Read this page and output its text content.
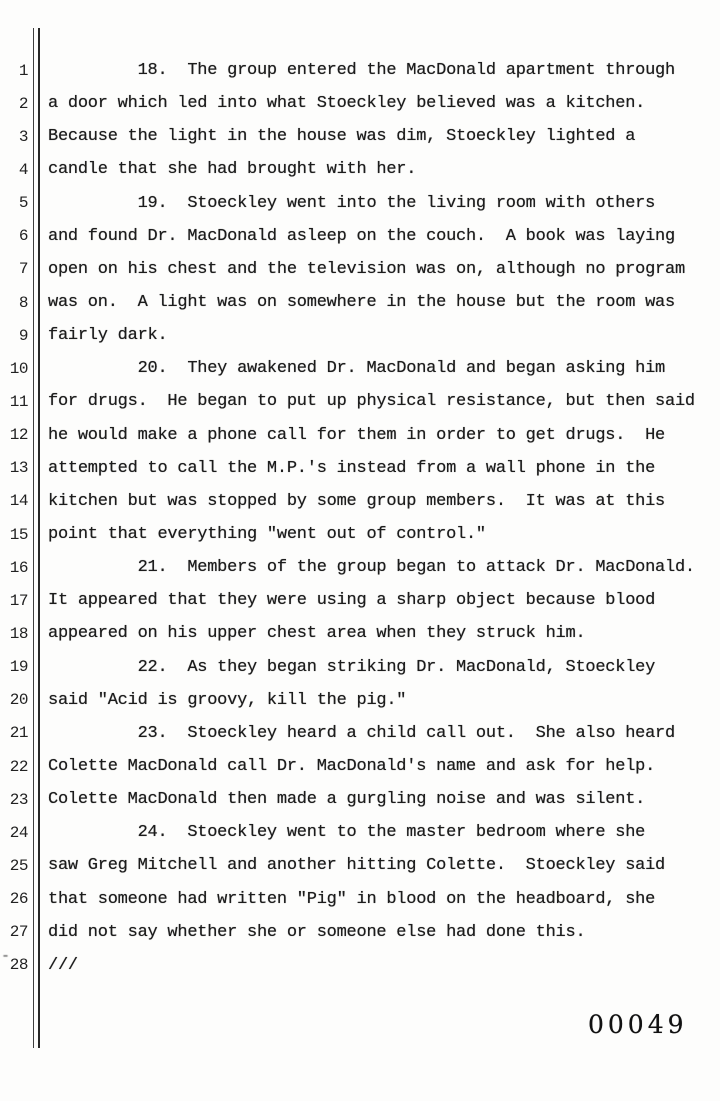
1 18.  The group entered the MacDonald apartment through
2 a door which led into what Stoeckley believed was a kitchen.
3 Because the light in the house was dim, Stoeckley lighted a
4 candle that she had brought with her.
5 19.  Stoeckley went into the living room with others
6 and found Dr. MacDonald asleep on the couch.  A book was laying
7 open on his chest and the television was on, although no program
8 was on.  A light was on somewhere in the house but the room was
9 fairly dark.
10 20.  They awakened Dr. MacDonald and began asking him
11 for drugs.  He began to put up physical resistance, but then said
12 he would make a phone call for them in order to get drugs.  He
13 attempted to call the M.P.'s instead from a wall phone in the
14 kitchen but was stopped by some group members.  It was at this
15 point that everything "went out of control."
16 21.  Members of the group began to attack Dr. MacDonald.
17 It appeared that they were using a sharp object because blood
18 appeared on his upper chest area when they struck him.
19 22.  As they began striking Dr. MacDonald, Stoeckley
20 said "Acid is groovy, kill the pig."
21 23.  Stoeckley heard a child call out.  She also heard
22 Colette MacDonald call Dr. MacDonald's name and ask for help.
23 Colette MacDonald then made a gurgling noise and was silent.
24 24.  Stoeckley went to the master bedroom where she
25 saw Greg Mitchell and another hitting Colette.  Stoeckley said
26 that someone had written "Pig" in blood on the headboard, she
27 did not say whether she or someone else had done this.
28 ///
-
00049
